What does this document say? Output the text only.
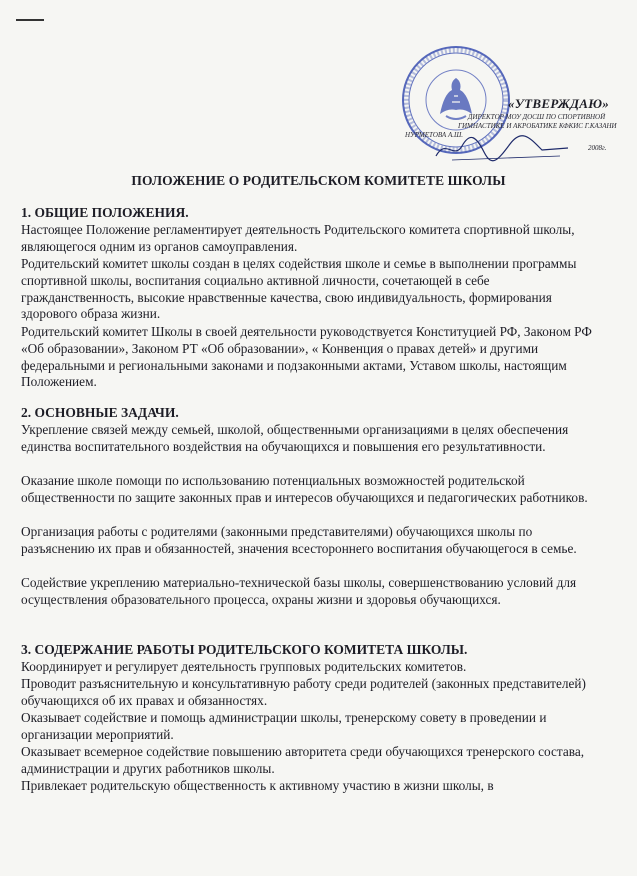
«УТВЕРЖДАЮ»
ДИРЕКТОР МОУ ДОСШ ПО СПОРТИВНОЙ
ГИМНАСТИКЕ И АКРОБАТИКЕ КФКИС Г.КАЗАНИ
НУРМЕТОВА А.Ш.
2008г.
ПОЛОЖЕНИЕ О РОДИТЕЛЬСКОМ КОМИТЕТЕ ШКОЛЫ
1. ОБЩИЕ ПОЛОЖЕНИЯ.
Настоящее Положение регламентирует деятельность Родительского комитета спортивной школы, являющегося одним из органов самоуправления.
Родительский комитет школы создан в целях содействия школе и семье в выполнении программы спортивной школы, воспитания социально активной личности, сочетающей в себе гражданственность, высокие нравственные качества, свою индивидуальность, формирования здорового образа жизни.
Родительский комитет Школы в своей деятельности руководствуется Конституцией РФ, Законом РФ «Об образовании», Законом РТ «Об образовании», « Конвенция о правах детей» и другими федеральными и региональными законами и подзаконными актами, Уставом школы, настоящим Положением.
2. ОСНОВНЫЕ ЗАДАЧИ.
Укрепление связей между семьей, школой, общественными организациями в целях обеспечения единства воспитательного воздействия на обучающихся и повышения его результативности.
Оказание школе помощи по использованию потенциальных возможностей родительской общественности по защите законных прав и интересов обучающихся и педагогических работников.
Организация работы с родителями (законными представителями) обучающихся школы по разъяснению их прав и обязанностей, значения всестороннего воспитания обучающегося в семье.
Содействие укреплению материально-технической базы школы, совершенствованию условий для осуществления образовательного процесса, охраны жизни и здоровья обучающихся.
3. СОДЕРЖАНИЕ РАБОТЫ РОДИТЕЛЬСКОГО КОМИТЕТА ШКОЛЫ.
Координирует и регулирует деятельность групповых родительских комитетов.
Проводит разъяснительную и консультативную работу среди родителей (законных представителей) обучающихся об их правах и обязанностях.
Оказывает содействие и помощь администрации школы, тренерскому совету в проведении и организации мероприятий.
Оказывает всемерное содействие повышению авторитета среди обучающихся тренерского состава, администрации и других работников школы.
Привлекает родительскую общественность к активному участию в жизни школы, в
